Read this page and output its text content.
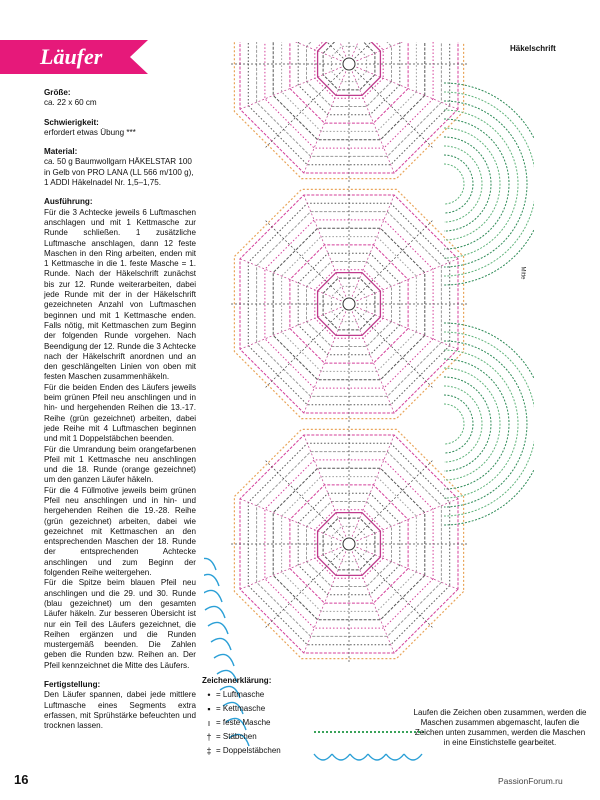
Läufer

Größe:

ca. 22 x 60 cm

Schwierigkeit:

erfordert etwas Übung ***

Material:

ca. 50 g Baumwollgarn HÄKELSTAR 100 in Gelb von PRO LANA (LL 566 m/100 g), 1 ADDI Häkelnadel Nr. 1,5–1,75.

Ausführung:

Für die 3 Achtecke jeweils 6 Luftmaschen anschlagen und mit 1 Kettmasche zur Runde schließen. 1 zusätzliche Luftmasche anschlagen, dann 12 feste Maschen in den Ring arbeiten, enden mit 1 Kettmasche in die 1. feste Masche = 1. Runde. Nach der Häkelschrift zunächst bis zur 12. Runde weiterarbeiten, dabei jede Runde mit der in der Häkelschrift gezeichneten Anzahl von Luftmaschen beginnen und mit 1 Kettmasche enden. Falls nötig, mit Kettmaschen zum Beginn der folgenden Runde vorgehen. Nach Beendigung der 12. Runde die 3 Achtecke nach der Häkelschrift anordnen und an den geschlängelten Linien von oben mit festen Maschen zusammenhäkeln.

Für die beiden Enden des Läufers jeweils beim grünen Pfeil neu anschlingen und in hin- und hergehenden Reihen die 13.-17. Reihe (grün gezeichnet) arbeiten, dabei jede Reihe mit 4 Luftmaschen beginnen und mit 1 Doppelstäbchen beenden.

Für die Umrandung beim orangefarbenen Pfeil mit 1 Kettmasche neu anschlingen und die 18. Runde (orange gezeichnet) um den ganzen Läufer häkeln.

Für die 4 Füllmotive jeweils beim grünen Pfeil neu anschlingen und in hin- und hergehenden Reihen die 19.-28. Reihe (grün gezeichnet) arbeiten, dabei wie gezeichnet mit Kettmaschen an den entsprechenden Maschen der 18. Runde der entsprechenden Achtecke anschlingen und zum Beginn der folgenden Reihe weitergehen.

Für die Spitze beim blauen Pfeil neu anschlingen und die 29. und 30. Runde (blau gezeichnet) um den gesamten Läufer häkeln. Zur besseren Übersicht ist nur ein Teil des Läufers gezeichnet, die Reihen ergänzen und die Runden mustergemäß beenden. Die Zahlen geben die Runden bzw. Reihen an. Der Pfeil kennzeichnet die Mitte des Läufers.

Fertigstellung:

Den Läufer spannen, dabei jede mittlere Luftmasche eines Segments extra erfassen, mit Sprühstärke befeuchten und trocknen lassen.

Häkelschrift
Mitte
Zeichenerklärung:
• = Luftmasche
▪ = Kettmasche
ı = feste Masche
† = Stäbchen
‡ = Doppelstäbchen
Laufen die Zeichen oben zusammen, werden die Maschen zusammen abgemascht, laufen die Zeichen unten zusammen, werden die Maschen in eine Einstichstelle gearbeitet.
16	PassionForum.ru
